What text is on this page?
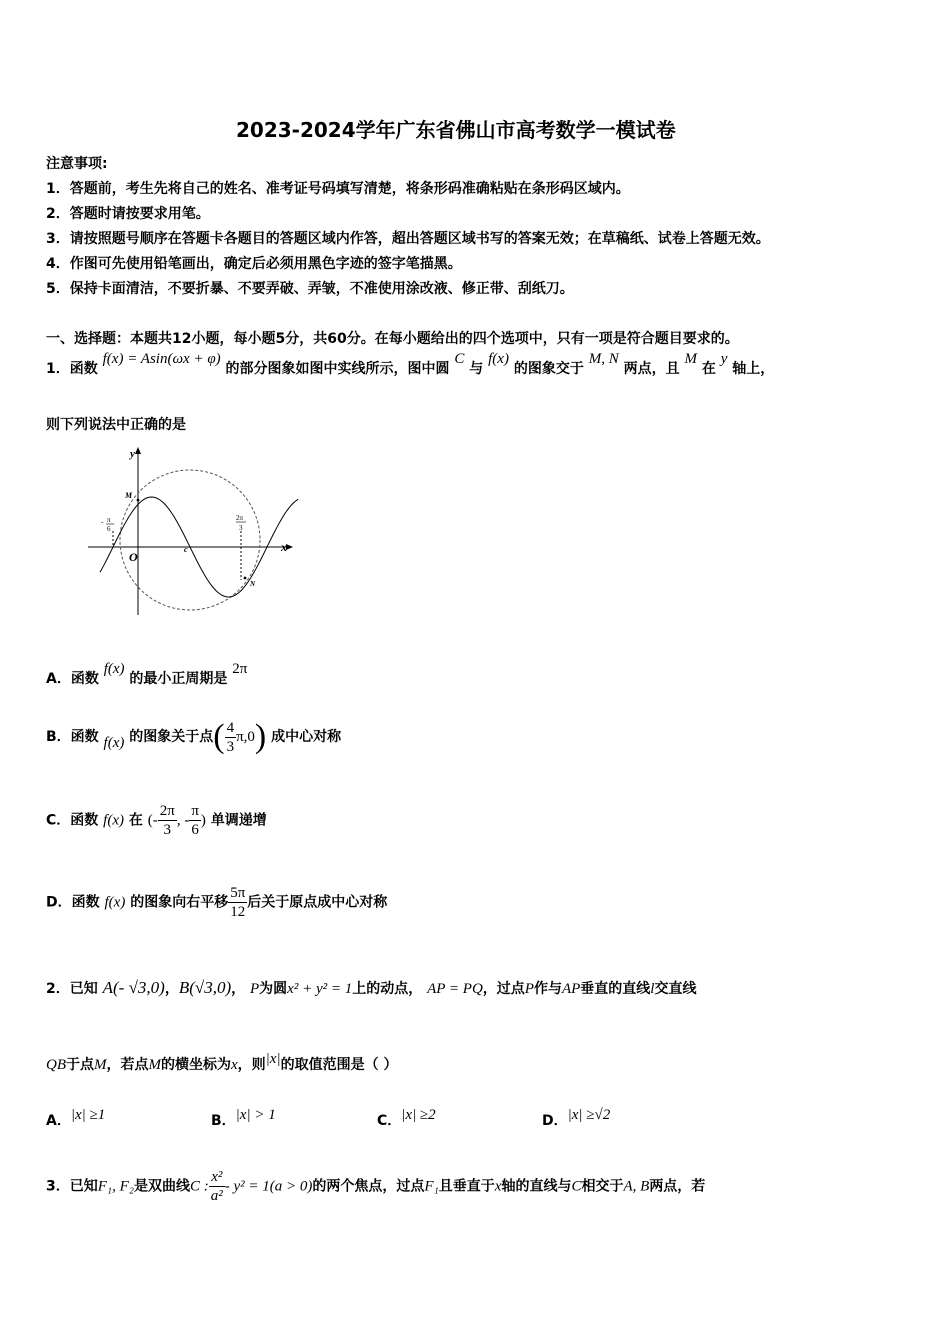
2023-2024学年广东省佛山市高考数学一模试卷
注意事项:
1．答题前，考生先将自己的姓名、准考证号码填写清楚，将条形码准确粘贴在条形码区域内。
2．答题时请按要求用笔。
3．请按照题号顺序在答题卡各题目的答题区域内作答，超出答题区域书写的答案无效；在草稿纸、试卷上答题无效。
4．作图可先使用铅笔画出，确定后必须用黑色字迹的签字笔描黑。
5．保持卡面清洁，不要折暴、不要弄破、弄皱，不准使用涂改液、修正带、刮纸刀。
一、选择题：本题共12小题，每小题5分，共60分。在每小题给出的四个选项中，只有一项是符合题目要求的。
1．函数 f(x) = Asin(ωx + φ) 的部分图象如图中实线所示，图中圆 C 与 f(x) 的图象交于 M, N 两点，且 M 在 y 轴上，
则下列说法中正确的是
y
x
O
M
N
c
- π
6
2π
3
A．函数 f(x) 的最小正周期是 2π
B．函数 f(x) 的图象关于点( $\frac{4}{3} \pi,0$) 成中心对称
C．函数 f(x) 在 (- $\frac{2\pi}{3}$ , - $\frac{\pi}{6}$ ) 单调递增
D．函数 f(x) 的图象向右平移 $\frac{5\pi}{12}$ 后关于原点成中心对称
2．已知 A(- √3,0)，B(√3,0)， P为圆x² + y² = 1上的动点， AP = PQ，过点P作与AP垂直的直线l交直线
QB于点M，若点M的横坐标为x，则|x|的取值范围是（ ）
A．|x| ≥1	B．|x| > 1	C．|x| ≥2	D．|x| ≥√2
3．已知F₁, F₂是双曲线C : $\frac{\text{x²}}{\text{a²}} - y^2 = 1(a > 0)$的两个焦点，过点F₁且垂直于x轴的直线与C相交于A, B两点，若
